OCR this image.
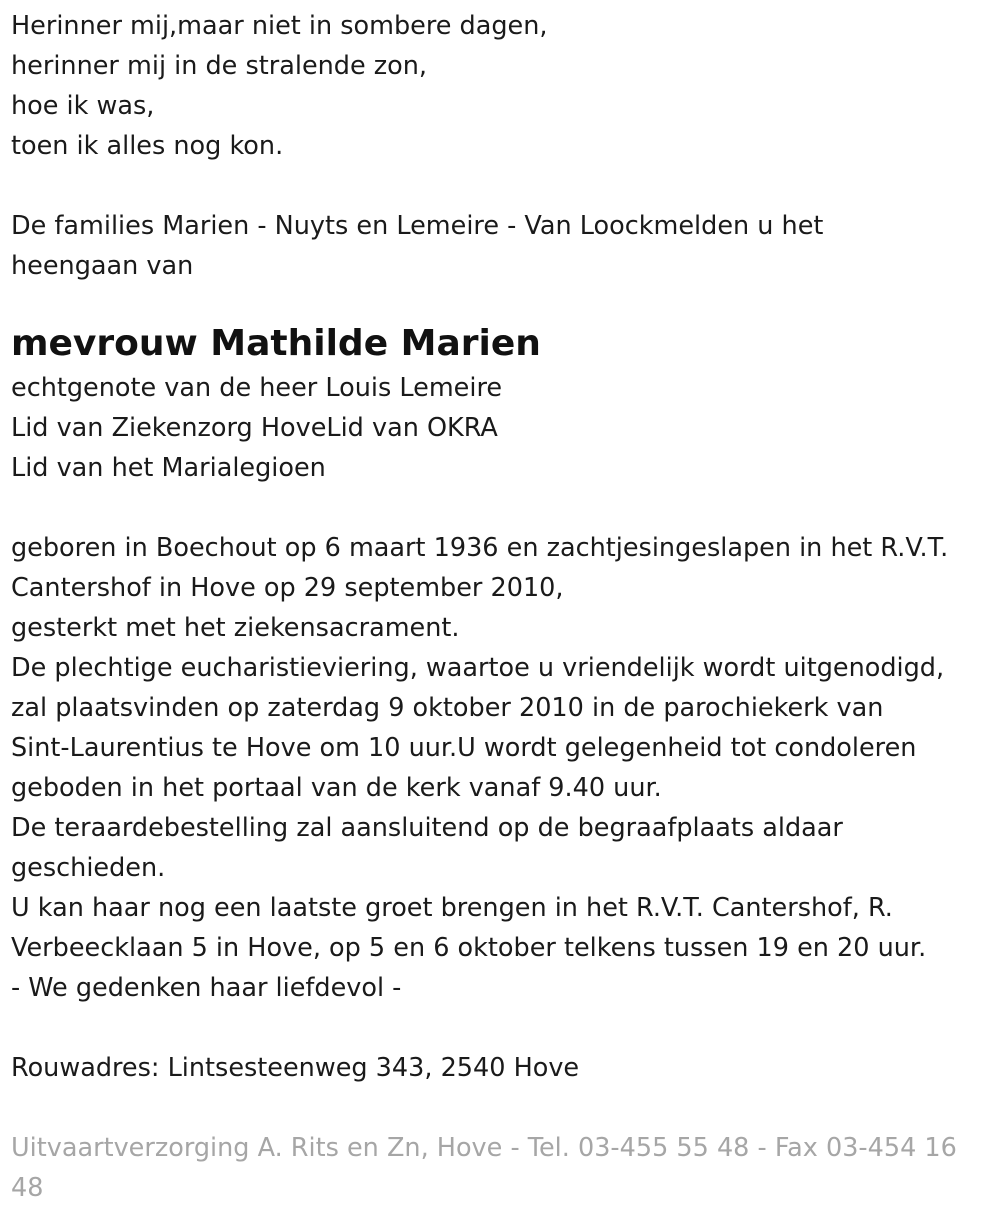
Herinner mij,maar niet in sombere dagen,
herinner mij in de stralende zon,
hoe ik was,
toen ik alles nog kon.
De families Marien - Nuyts en Lemeire - Van Loockmelden u het
heengaan van
mevrouw Mathilde Marien
echtgenote van de heer Louis Lemeire
Lid van Ziekenzorg HoveLid van OKRA
Lid van het Marialegioen
geboren in Boechout op 6 maart 1936 en zachtjesingeslapen in het R.V.T.
Cantershof in Hove op 29 september 2010,
gesterkt met het ziekensacrament.
De plechtige eucharistieviering, waartoe u vriendelijk wordt uitgenodigd,
zal plaatsvinden op zaterdag 9 oktober 2010 in de parochiekerk van
Sint-Laurentius te Hove om 10 uur.U wordt gelegenheid tot condoleren
geboden in het portaal van de kerk vanaf 9.40 uur.
De teraardebestelling zal aansluitend op de begraafplaats aldaar
geschieden.
U kan haar nog een laatste groet brengen in het R.V.T. Cantershof, R.
Verbeecklaan 5 in Hove, op 5 en 6 oktober telkens tussen 19 en 20 uur.
- We gedenken haar liefdevol -
Rouwadres: Lintsesteenweg 343, 2540 Hove
Uitvaartverzorging A. Rits en Zn, Hove - Tel. 03-455 55 48 - Fax 03-454 16
48
